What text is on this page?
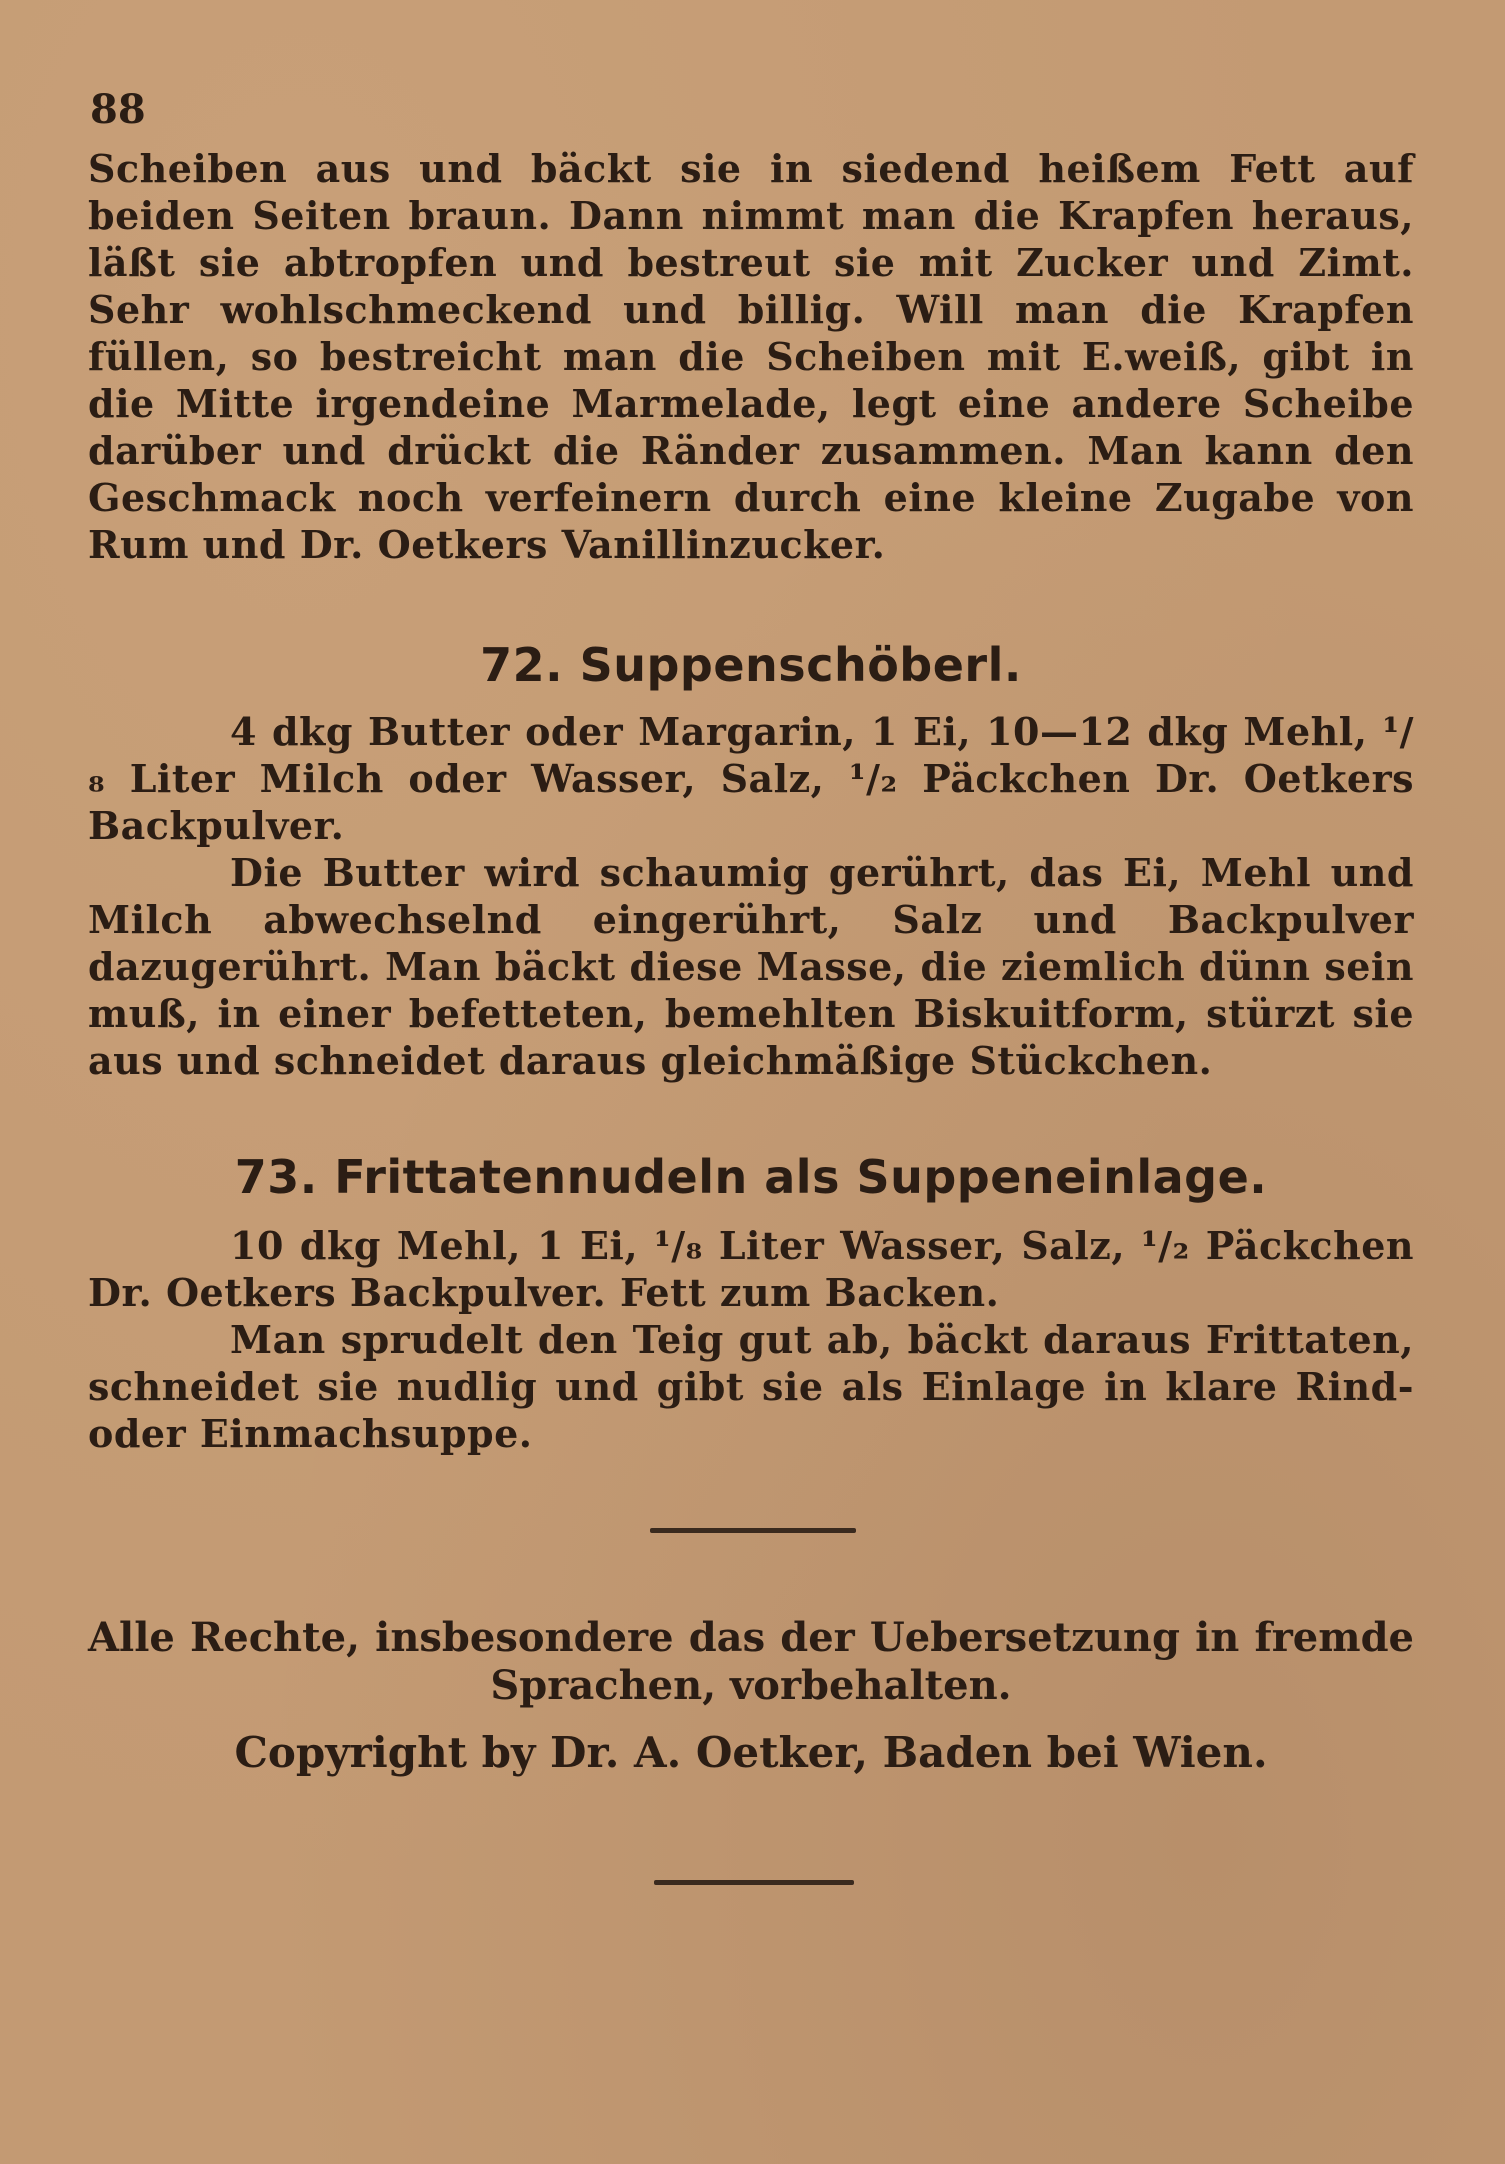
88

Scheiben aus und bäckt sie in siedend heißem Fett auf beiden Seiten braun. Dann nimmt man die Krapfen heraus, läßt sie abtropfen und bestreut sie mit Zucker und Zimt. Sehr wohlschmeckend und billig. Will man die Krapfen füllen, so bestreicht man die Scheiben mit E.weiß, gibt in die Mitte irgendeine Marmelade, legt eine andere Scheibe darüber und drückt die Ränder zusammen. Man kann den Geschmack noch verfeinern durch eine kleine Zugabe von Rum und Dr. Oetkers Vanillinzucker.

72. Suppenschöberl.

4 dkg Butter oder Margarin, 1 Ei, 10—12 dkg Mehl, ¹/₈ Liter Milch oder Wasser, Salz, ¹/₂ Päckchen Dr. Oetkers Backpulver.

Die Butter wird schaumig gerührt, das Ei, Mehl und Milch abwechselnd eingerührt, Salz und Backpulver dazugerührt. Man bäckt diese Masse, die ziemlich dünn sein muß, in einer befetteten, bemehlten Biskuitform, stürzt sie aus und schneidet daraus gleichmäßige Stückchen.

73. Frittatennudeln als Suppeneinlage.

10 dkg Mehl, 1 Ei, ¹/₈ Liter Wasser, Salz, ¹/₂ Päckchen Dr. Oetkers Backpulver. Fett zum Backen.

Man sprudelt den Teig gut ab, bäckt daraus Frittaten, schneidet sie nudlig und gibt sie als Einlage in klare Rind- oder Einmachsuppe.

Alle Rechte, insbesondere das der Uebersetzung in fremde
Sprachen, vorbehalten.
Copyright by Dr. A. Oetker, Baden bei Wien.
